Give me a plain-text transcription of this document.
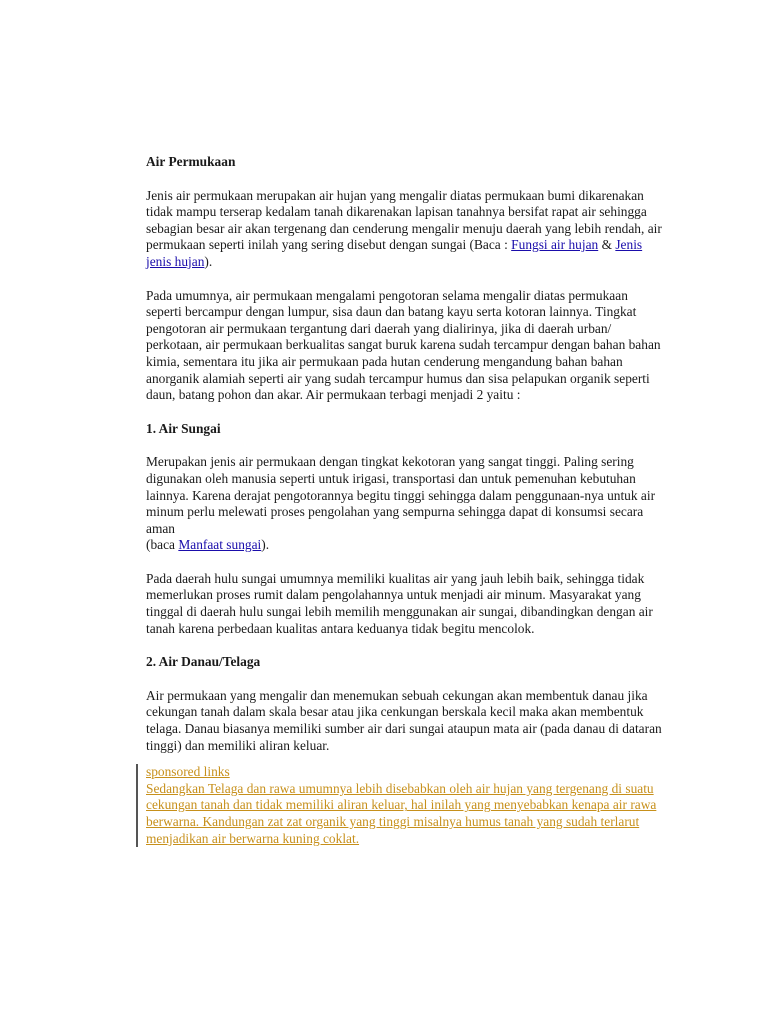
Air Permukaan

Jenis air permukaan merupakan air hujan yang mengalir diatas permukaan bumi dikarenakan tidak mampu terserap kedalam tanah dikarenakan lapisan tanahnya bersifat rapat air sehingga sebagian besar air akan tergenang dan cenderung mengalir menuju daerah yang lebih rendah, air permukaan seperti inilah yang sering disebut dengan sungai (Baca : Fungsi air hujan & Jenis jenis hujan).

Pada umumnya, air permukaan mengalami pengotoran selama mengalir diatas permukaan seperti bercampur dengan lumpur, sisa daun dan batang kayu serta kotoran lainnya. Tingkat pengotoran air permukaan tergantung dari daerah yang dialirinya, jika di daerah urban/ perkotaan, air permukaan berkualitas sangat buruk karena sudah tercampur dengan bahan bahan kimia, sementara itu jika air permukaan pada hutan cenderung mengandung bahan bahan anorganik alamiah seperti air yang sudah tercampur humus dan sisa pelapukan organik seperti daun, batang pohon dan akar. Air permukaan terbagi menjadi 2 yaitu :

1. Air Sungai

Merupakan jenis air permukaan dengan tingkat kekotoran yang sangat tinggi. Paling sering digunakan oleh manusia seperti untuk irigasi, transportasi dan untuk pemenuhan kebutuhan lainnya. Karena derajat pengotorannya begitu tinggi sehingga dalam penggunaan-nya untuk air minum perlu melewati proses pengolahan yang sempurna sehingga dapat di konsumsi secara aman
(baca Manfaat sungai).

Pada daerah hulu sungai umumnya memiliki kualitas air yang jauh lebih baik, sehingga tidak memerlukan proses rumit dalam pengolahannya untuk menjadi air minum. Masyarakat yang tinggal di daerah hulu sungai lebih memilih menggunakan air sungai, dibandingkan dengan air tanah karena perbedaan kualitas antara keduanya tidak begitu mencolok.

2. Air Danau/Telaga

Air permukaan yang mengalir dan menemukan sebuah cekungan akan membentuk danau jika cekungan tanah dalam skala besar atau jika cenkungan berskala kecil maka akan membentuk telaga. Danau biasanya memiliki sumber air dari sungai ataupun mata air (pada danau di dataran tinggi) dan memiliki aliran keluar.

sponsored links
Sedangkan Telaga dan rawa umumnya lebih disebabkan oleh air hujan yang tergenang di suatu cekungan tanah dan tidak memiliki aliran keluar, hal inilah yang menyebabkan kenapa air rawa berwarna. Kandungan zat zat organik yang tinggi misalnya humus tanah yang sudah terlarut menjadikan air berwarna kuning coklat.
